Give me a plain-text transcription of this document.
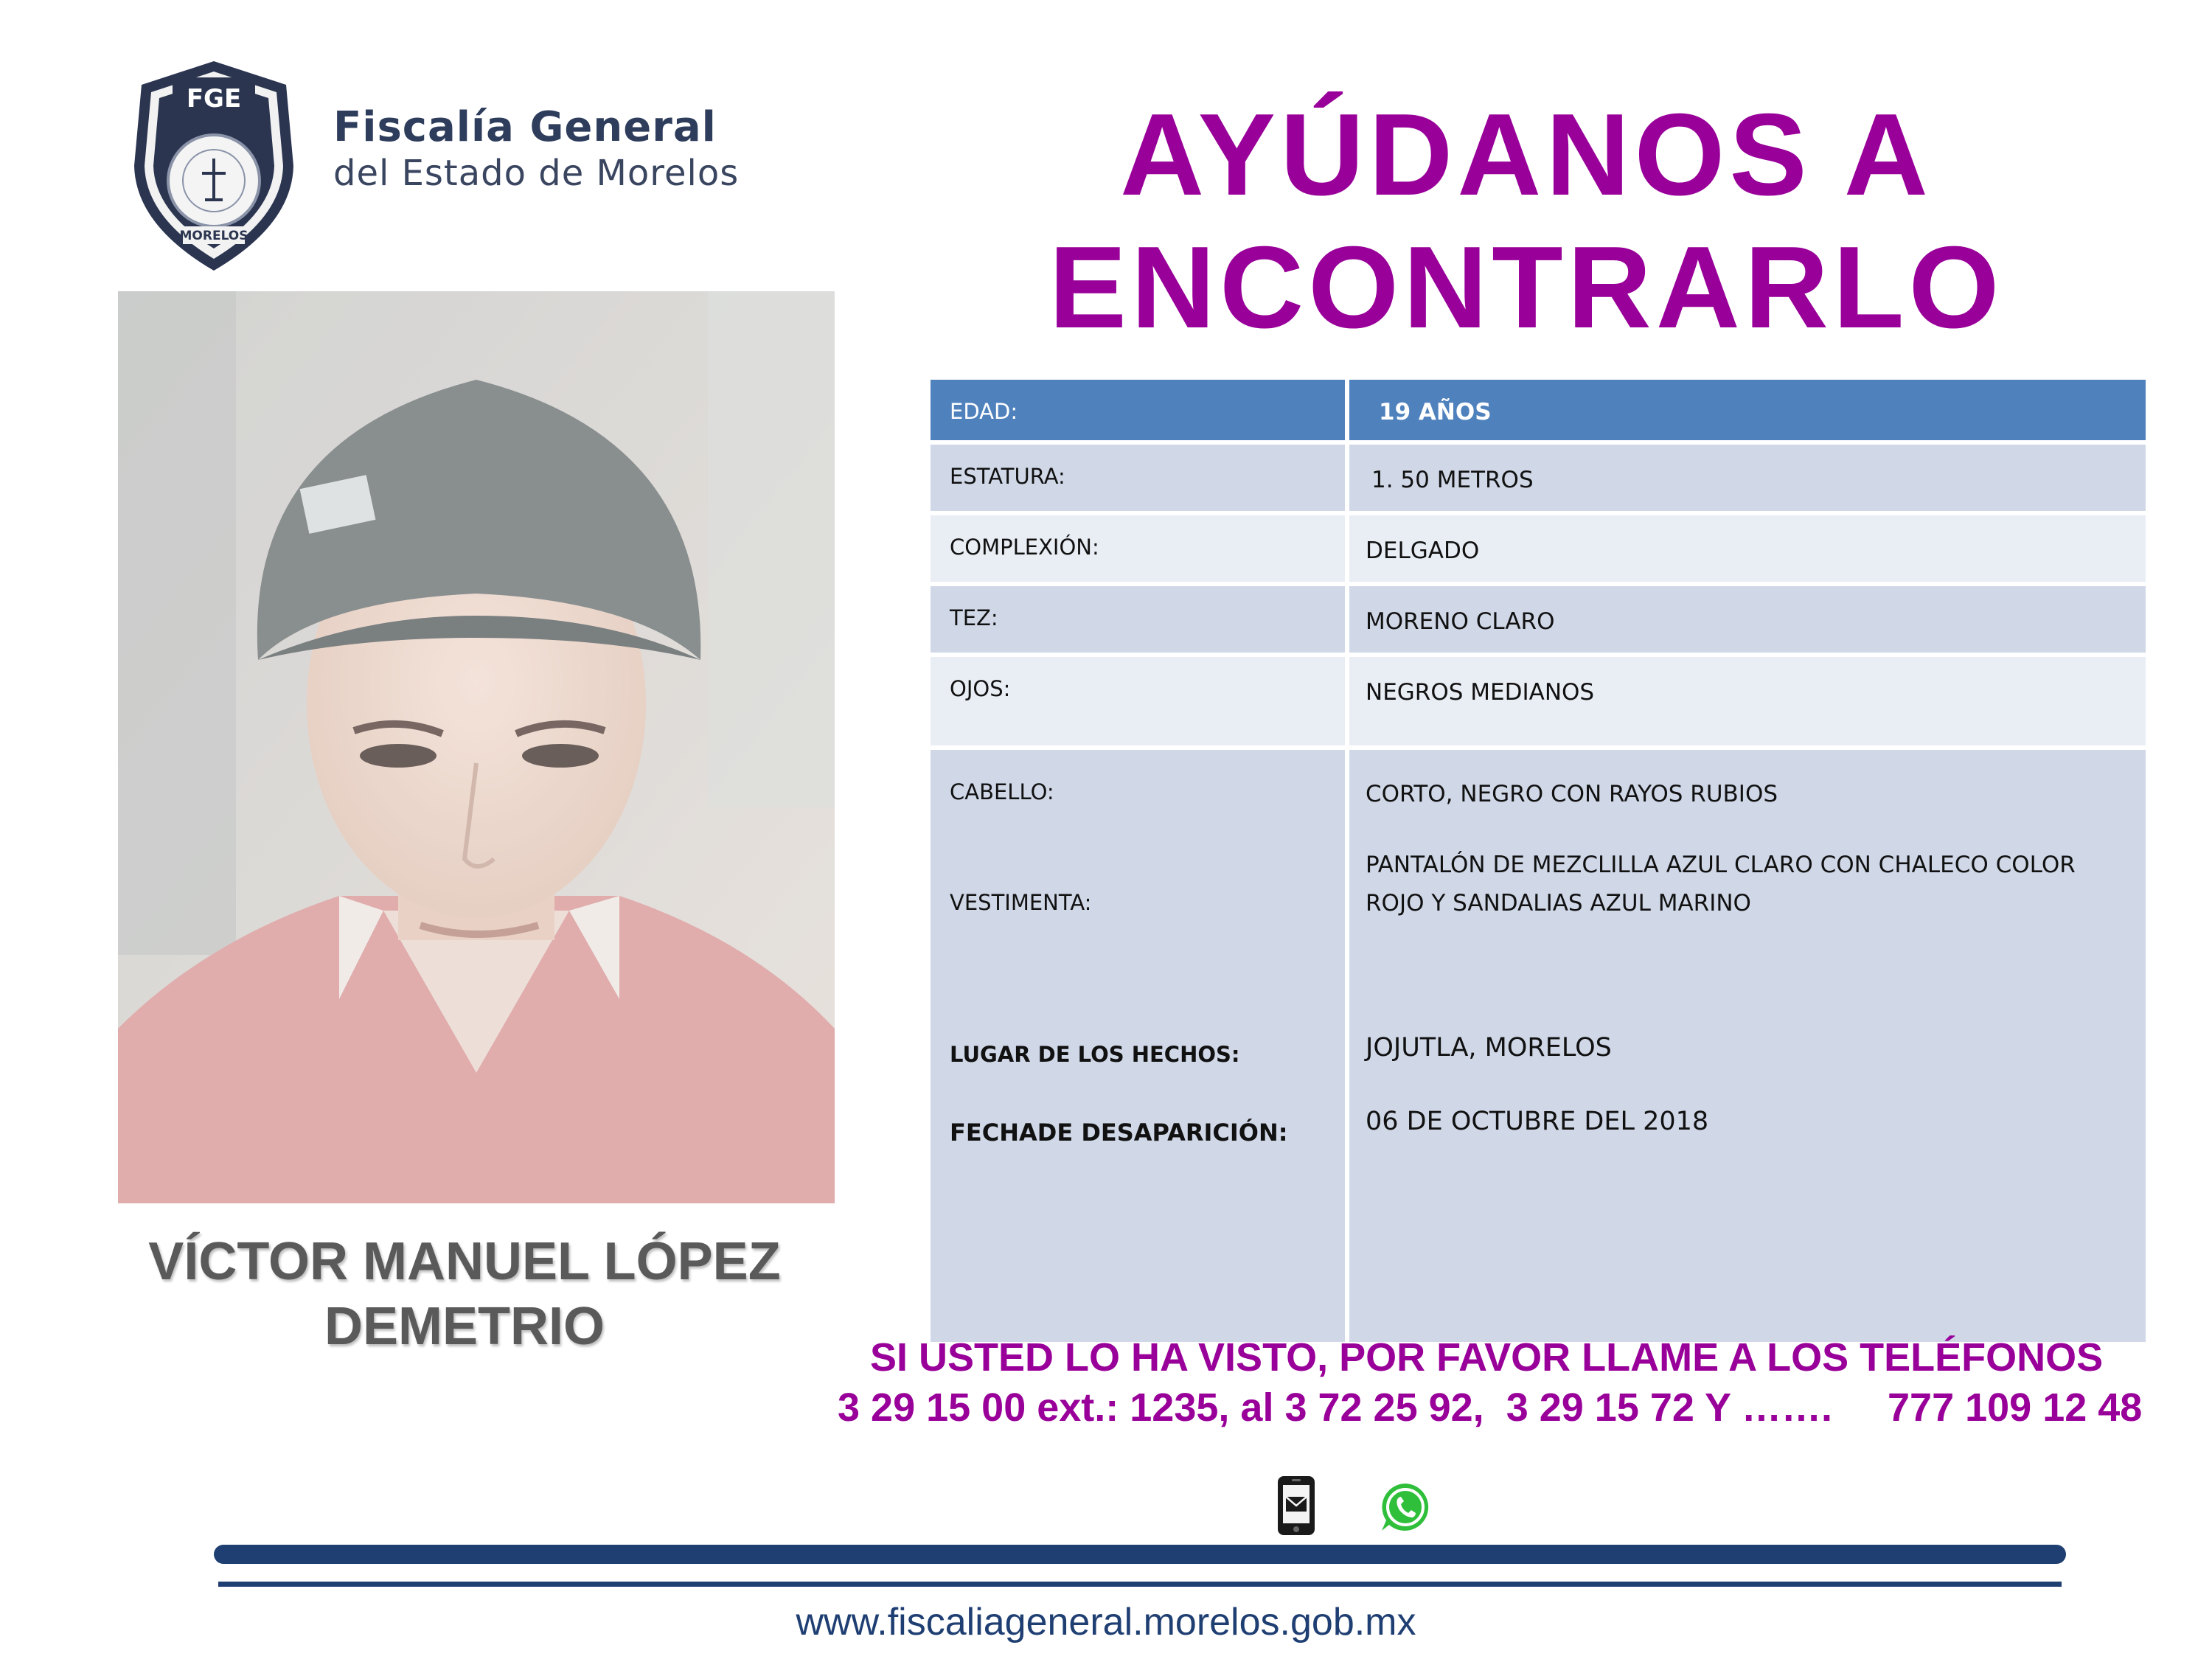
FGE
MORELOS
Fiscalía General
del Estado de Morelos	AYÚDANOS A
ENCONTRARLO
VÍCTOR MANUEL LÓPEZ
DEMETRIO
EDAD:	19 AÑOS
ESTATURA:	1. 50 METROS
COMPLEXIÓN:	DELGADO
TEZ:	MORENO CLARO
OJOS:	NEGROS MEDIANOS
CABELLO:	CORTO, NEGRO CON RAYOS RUBIOS
VESTIMENTA:
PANTALÓN DE MEZCLILLA AZUL CLARO CON CHALECO COLOR
ROJO Y SANDALIAS AZUL MARINO
LUGAR DE LOS HECHOS:	JOJUTLA, MORELOS
FECHADE DESAPARICIÓN:	06 DE OCTUBRE DEL 2018
SI USTED LO HA VISTO, POR FAVOR LLAME A LOS TELÉFONOS
3 29 15 00 ext.: 1235, al 3 72 25 92,  3 29 15 72 Y …….     777 109 12 48
www.fiscaliageneral.morelos.gob.mx
